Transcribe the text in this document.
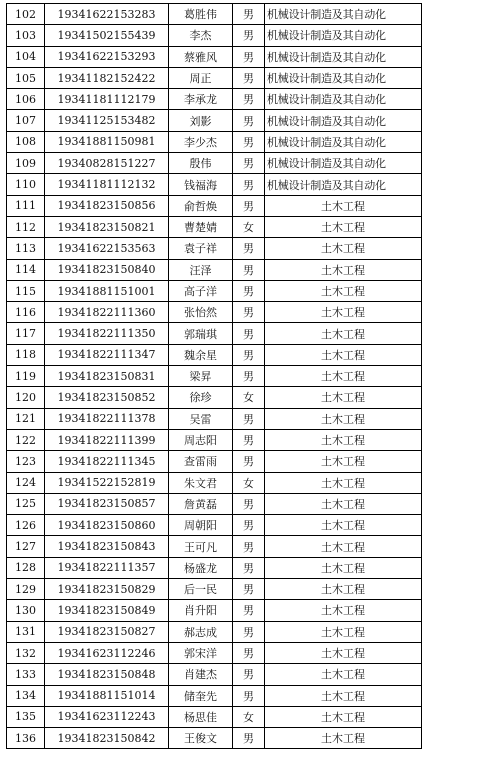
102	19341622153283	葛胜伟	男	机械设计制造及其自动化
103	19341502155439	李杰	男	机械设计制造及其自动化
104	19341622153293	蔡雅风	男	机械设计制造及其自动化
105	19341182152422	周正	男	机械设计制造及其自动化
106	19341181112179	李承龙	男	机械设计制造及其自动化
107	19341125153482	刘影	男	机械设计制造及其自动化
108	19341881150981	李少杰	男	机械设计制造及其自动化
109	19340828151227	殷伟	男	机械设计制造及其自动化
110	19341181112132	钱福海	男	机械设计制造及其自动化
111	19341823150856	俞哲焕	男	土木工程
112	19341823150821	曹楚婧	女	土木工程
113	19341622153563	袁子祥	男	土木工程
114	19341823150840	汪泽	男	土木工程
115	19341881151001	高子洋	男	土木工程
116	19341822111360	张怡然	男	土木工程
117	19341822111350	郭瑞琪	男	土木工程
118	19341822111347	魏余星	男	土木工程
119	19341823150831	梁昇	男	土木工程
120	19341823150852	徐珍	女	土木工程
121	19341822111378	吴雷	男	土木工程
122	19341822111399	周志阳	男	土木工程
123	19341822111345	查雷雨	男	土木工程
124	19341522152819	朱文君	女	土木工程
125	19341823150857	詹黄磊	男	土木工程
126	19341823150860	周朝阳	男	土木工程
127	19341823150843	王可凡	男	土木工程
128	19341822111357	杨盛龙	男	土木工程
129	19341823150829	后一民	男	土木工程
130	19341823150849	肖升阳	男	土木工程
131	19341823150827	郝志成	男	土木工程
132	19341623112246	郭宋洋	男	土木工程
133	19341823150848	肖建杰	男	土木工程
134	19341881151014	储奎先	男	土木工程
135	19341623112243	杨思佳	女	土木工程
136	19341823150842	王俊文	男	土木工程
